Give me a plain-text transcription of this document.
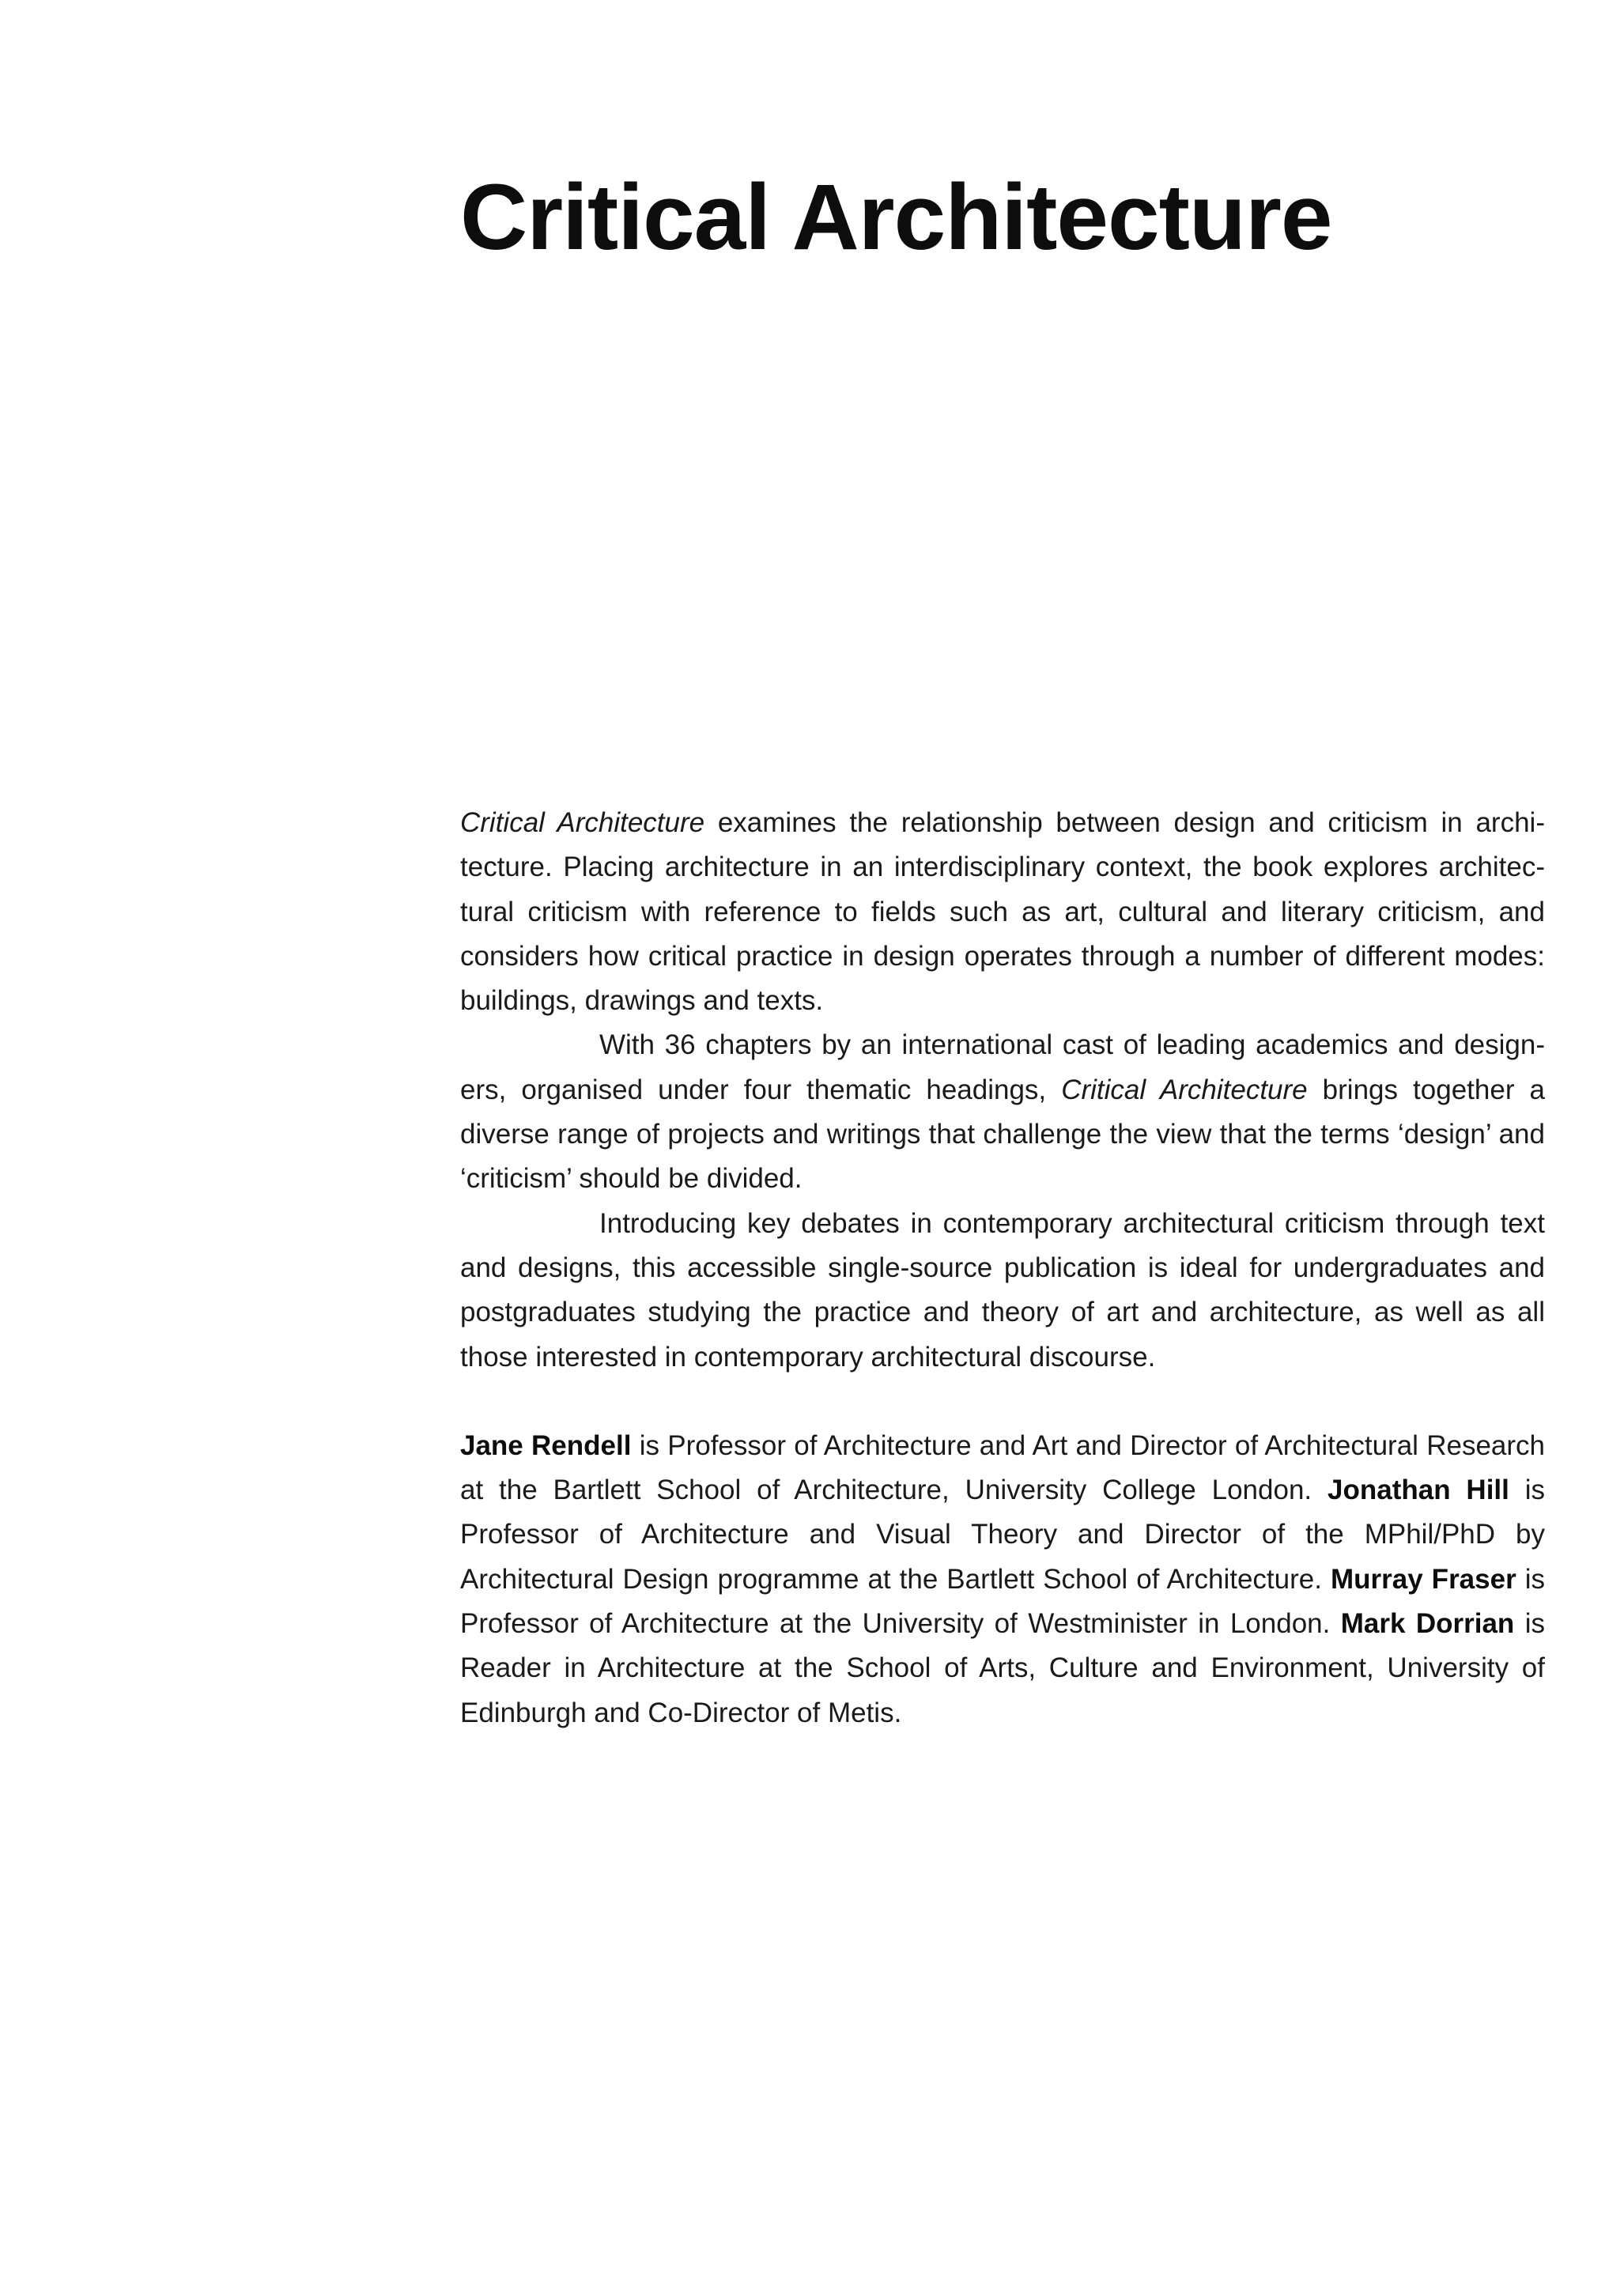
Critical Architecture

Critical Architecture examines the relationship between design and criticism in architecture. Placing architecture in an interdisciplinary context, the book explores architectural criticism with reference to fields such as art, cultural and literary criticism, and considers how critical practice in design operates through a number of different modes: buildings, drawings and texts.

With 36 chapters by an international cast of leading academics and designers, organised under four thematic headings, Critical Architecture brings together a diverse range of projects and writings that challenge the view that the terms ‘design’ and ‘criticism’ should be divided.

Introducing key debates in contemporary architectural criticism through text and designs, this accessible single-source publication is ideal for undergraduates and postgraduates studying the practice and theory of art and architecture, as well as all those interested in contemporary architectural discourse.

Jane Rendell is Professor of Architecture and Art and Director of Architectural Research at the Bartlett School of Architecture, University College London. Jonathan Hill is Professor of Architecture and Visual Theory and Director of the MPhil/PhD by Architectural Design programme at the Bartlett School of Architecture. Murray Fraser is Professor of Architecture at the University of Westminister in London. Mark Dorrian is Reader in Architecture at the School of Arts, Culture and Environment, University of Edinburgh and Co-Director of Metis.
